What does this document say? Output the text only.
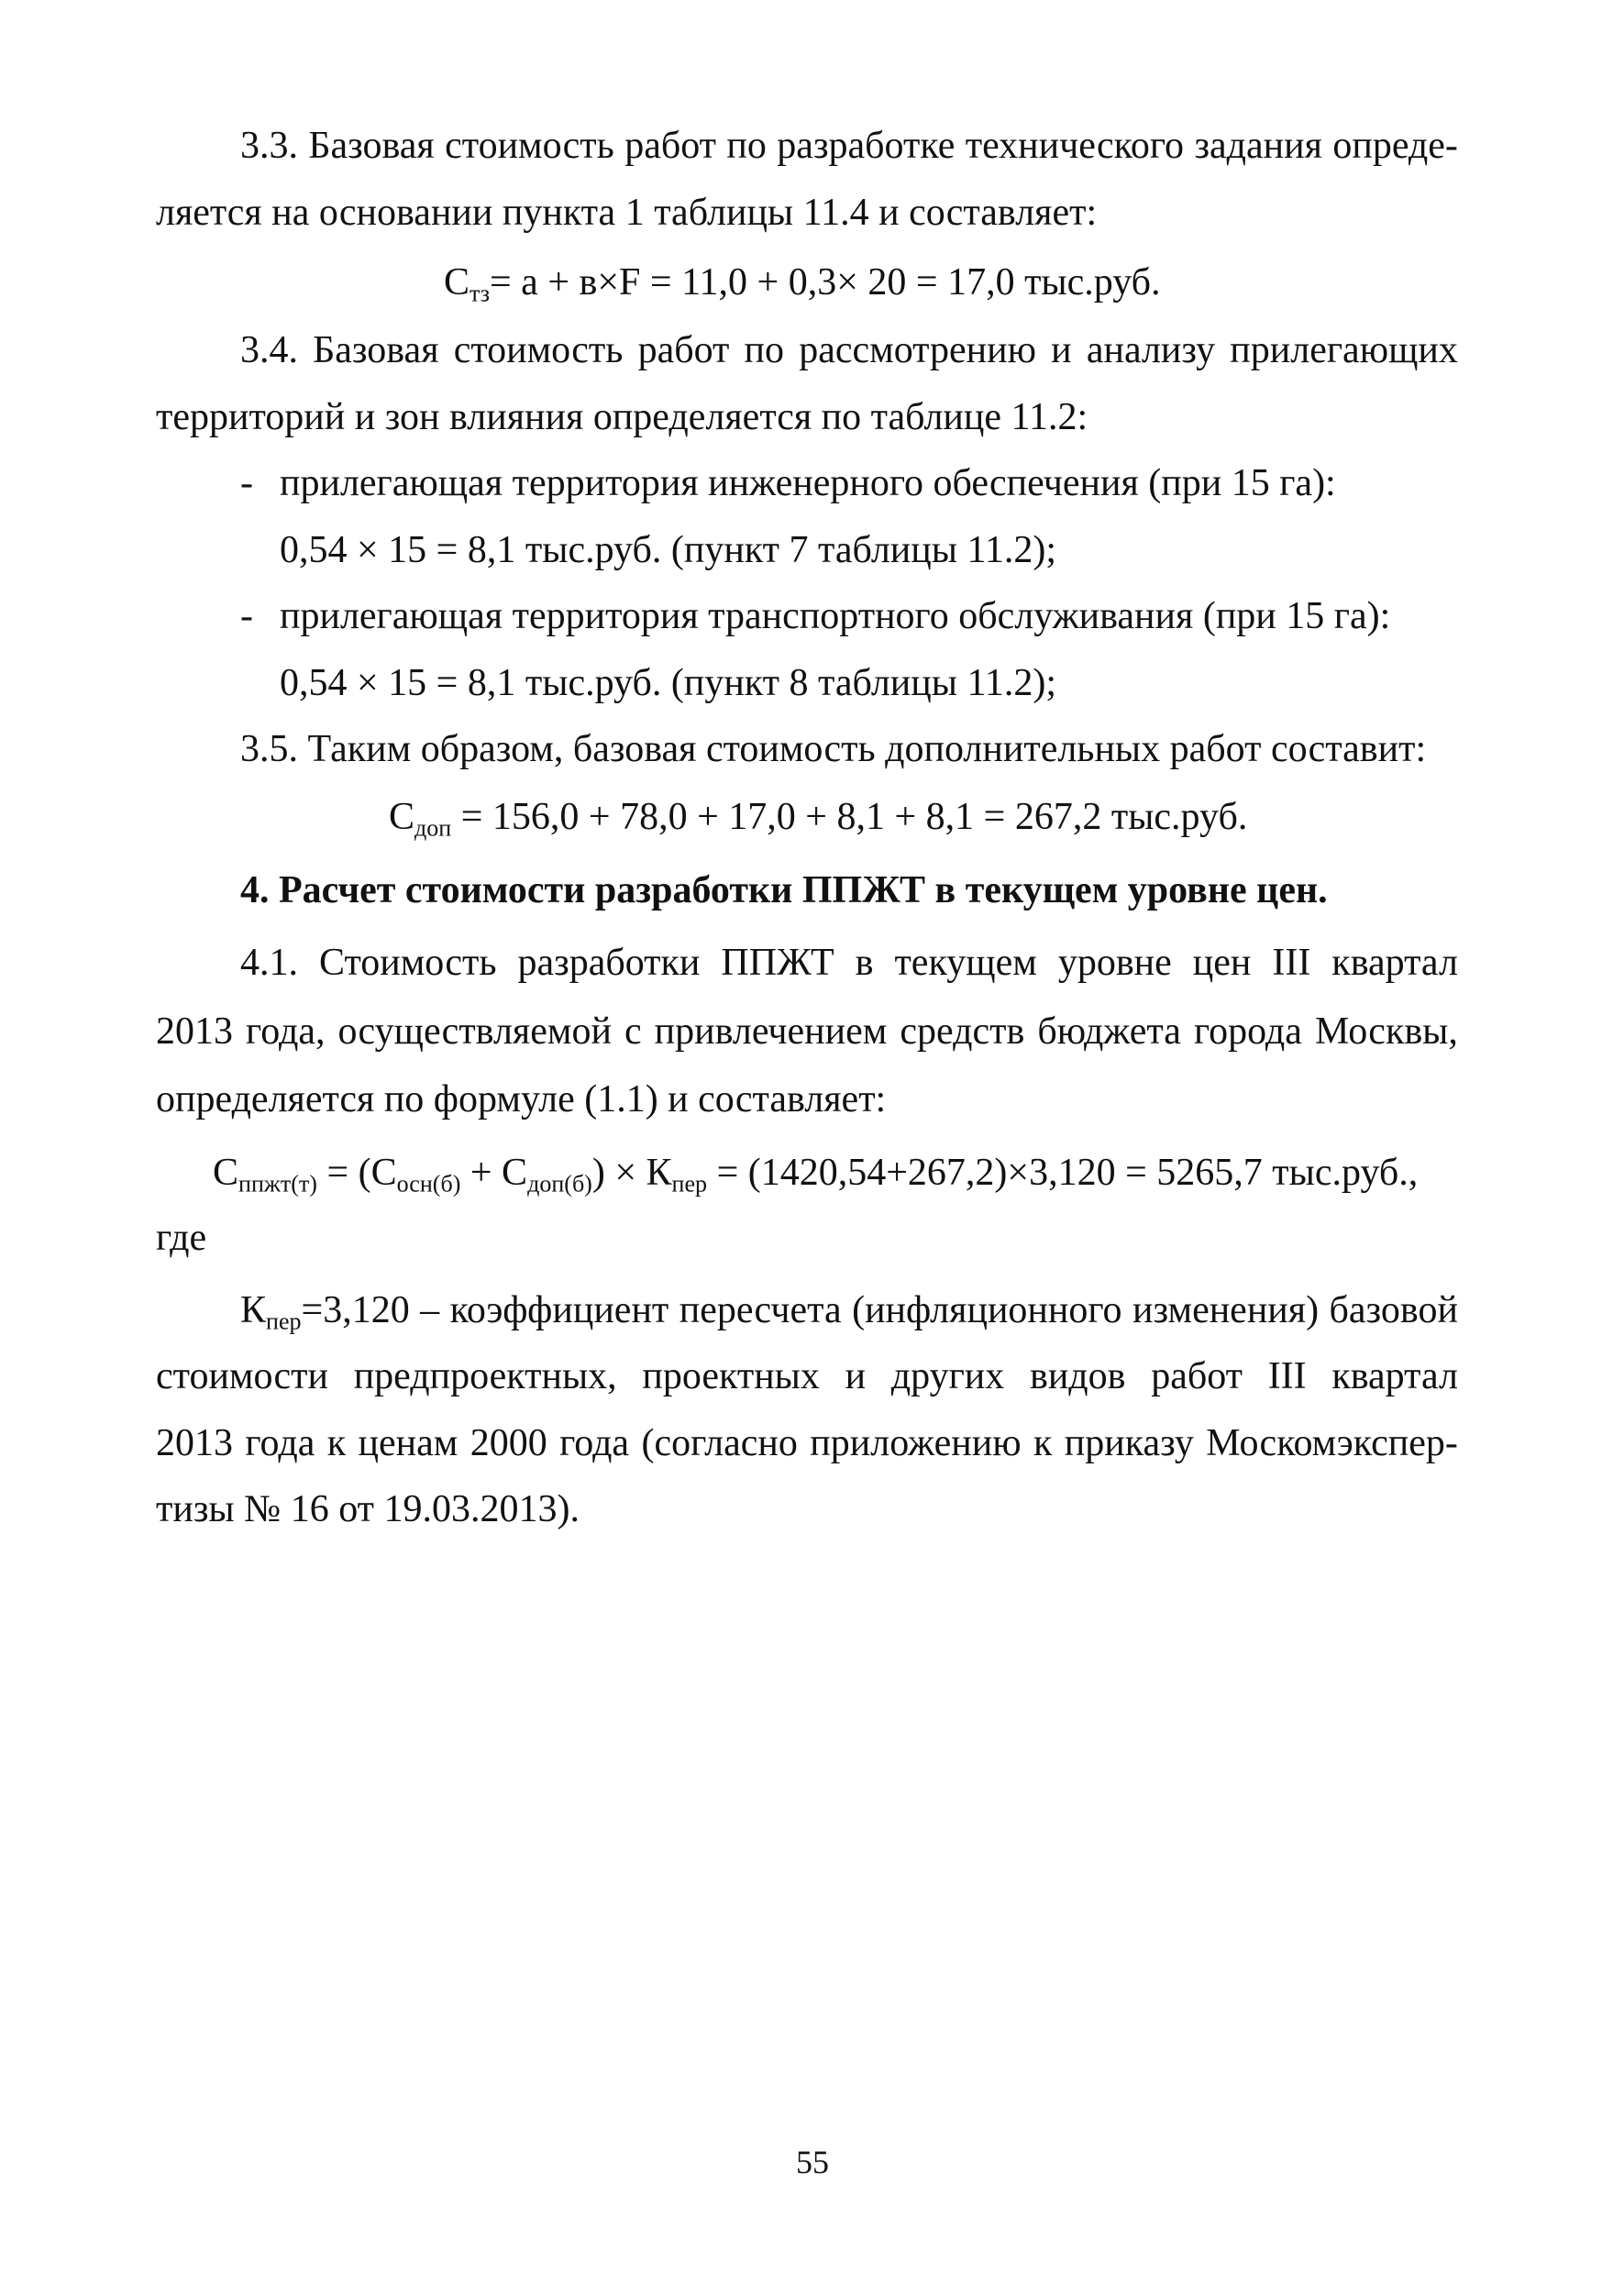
3.3. Базовая стоимость работ по разработке технического задания опреде-
ляется на основании пункта 1 таблицы 11.4 и составляет:
$С_{тз}= а + в\times F = 11,0 + 0,3\times 20 = 17,0$ тыс.руб.
3.4. Базовая стоимость работ по рассмотрению и анализу прилегающих
территорий и зон влияния определяется по таблице 11.2:
- прилегающая территория инженерного обеспечения (при 15 га):
0,54 × 15 = 8,1 тыс.руб. (пункт 7 таблицы 11.2);
- прилегающая территория транспортного обслуживания (при 15 га):
0,54 × 15 = 8,1 тыс.руб. (пункт 8 таблицы 11.2);
3.5. Таким образом, базовая стоимость дополнительных работ составит:
$С_{доп} = 156,0 + 78,0 + 17,0 + 8,1 + 8,1 = 267,2$ тыс.руб.
4. Расчет стоимости разработки ППЖТ в текущем уровне цен.
4.1. Стоимость разработки ППЖТ в текущем уровне цен III квартал
2013 года, осуществляемой с привлечением средств бюджета города Москвы,
определяется по формуле (1.1) и составляет:
$С_{ппжт(т)} = (С_{осн(б)} + С_{доп(б)}) \times К_{пер} = (1420,54+267,2)\times 3,120 = 5265,7$ тыс.руб.,
где
$К_{пер}=3,120$ – коэффициент пересчета (инфляционного изменения) базовой
стоимости предпроектных, проектных и других видов работ III квартал
2013 года к ценам 2000 года (согласно приложению к приказу Москомэкспер-
тизы № 16 от 19.03.2013).
55
